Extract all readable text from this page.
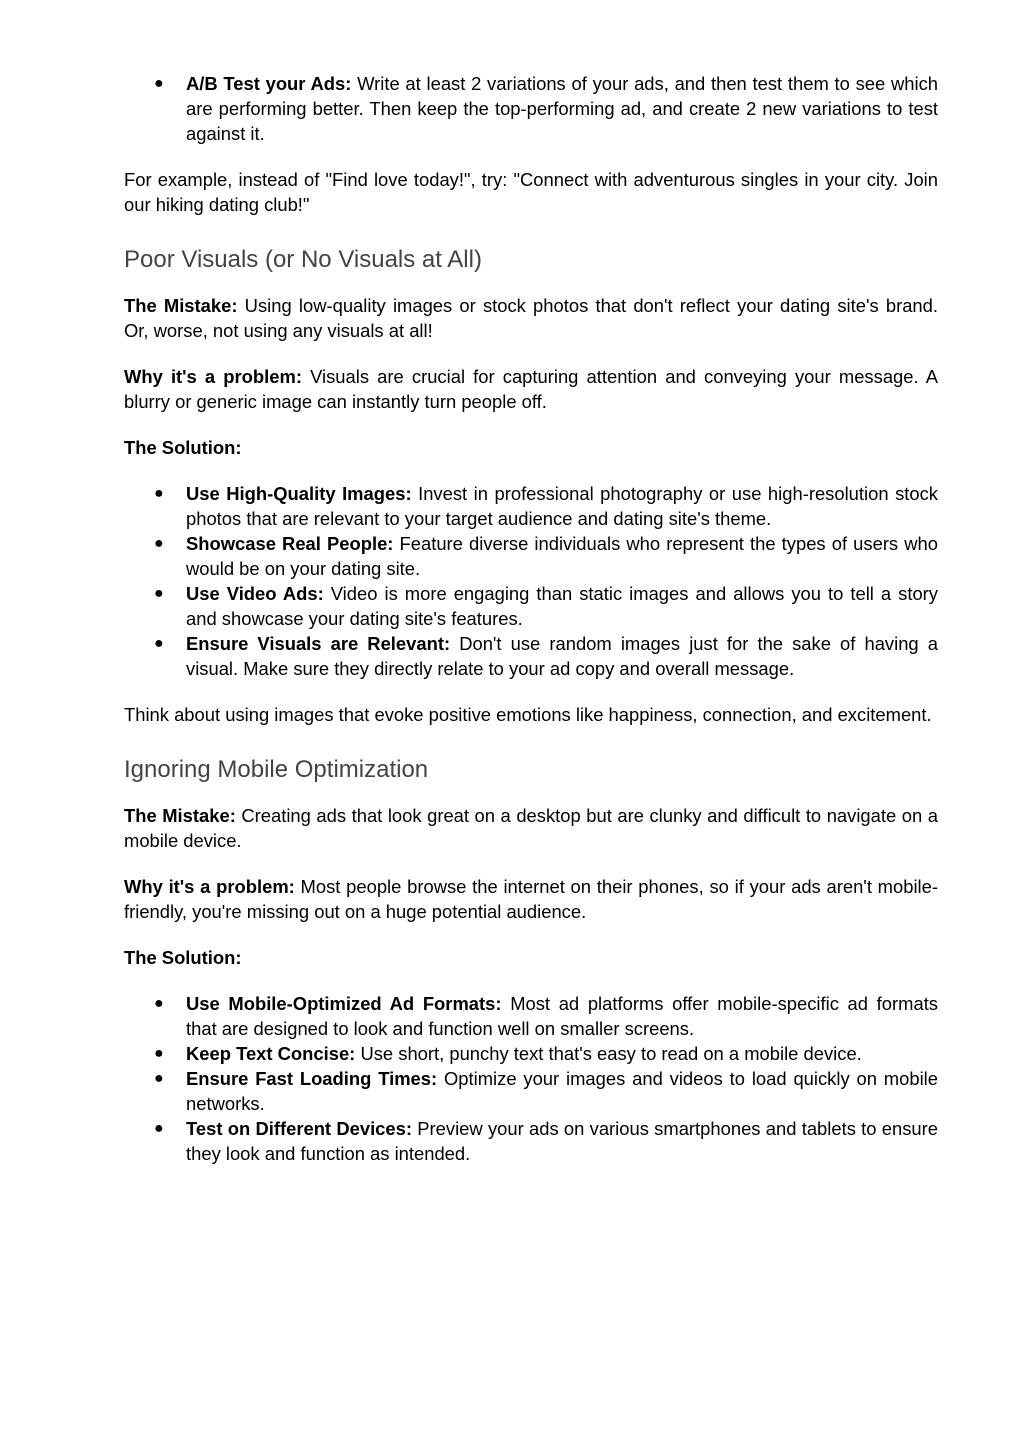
● A/B Test your Ads: Write at least 2 variations of your ads, and then test them to see which are performing better. Then keep the top-performing ad, and create 2 new variations to test against it.

For example, instead of "Find love today!", try: "Connect with adventurous singles in your city. Join our hiking dating club!"

Poor Visuals (or No Visuals at All)

The Mistake: Using low-quality images or stock photos that don't reflect your dating site's brand. Or, worse, not using any visuals at all!

Why it's a problem: Visuals are crucial for capturing attention and conveying your message. A blurry or generic image can instantly turn people off.

The Solution:

● Use High-Quality Images: Invest in professional photography or use high-resolution stock photos that are relevant to your target audience and dating site's theme.
● Showcase Real People: Feature diverse individuals who represent the types of users who would be on your dating site.
● Use Video Ads: Video is more engaging than static images and allows you to tell a story and showcase your dating site's features.
● Ensure Visuals are Relevant: Don't use random images just for the sake of having a visual. Make sure they directly relate to your ad copy and overall message.

Think about using images that evoke positive emotions like happiness, connection, and excitement.

Ignoring Mobile Optimization

The Mistake: Creating ads that look great on a desktop but are clunky and difficult to navigate on a mobile device.

Why it's a problem: Most people browse the internet on their phones, so if your ads aren't mobile-friendly, you're missing out on a huge potential audience.

The Solution:

● Use Mobile-Optimized Ad Formats: Most ad platforms offer mobile-specific ad formats that are designed to look and function well on smaller screens.
● Keep Text Concise: Use short, punchy text that's easy to read on a mobile device.
● Ensure Fast Loading Times: Optimize your images and videos to load quickly on mobile networks.
● Test on Different Devices: Preview your ads on various smartphones and tablets to ensure they look and function as intended.
